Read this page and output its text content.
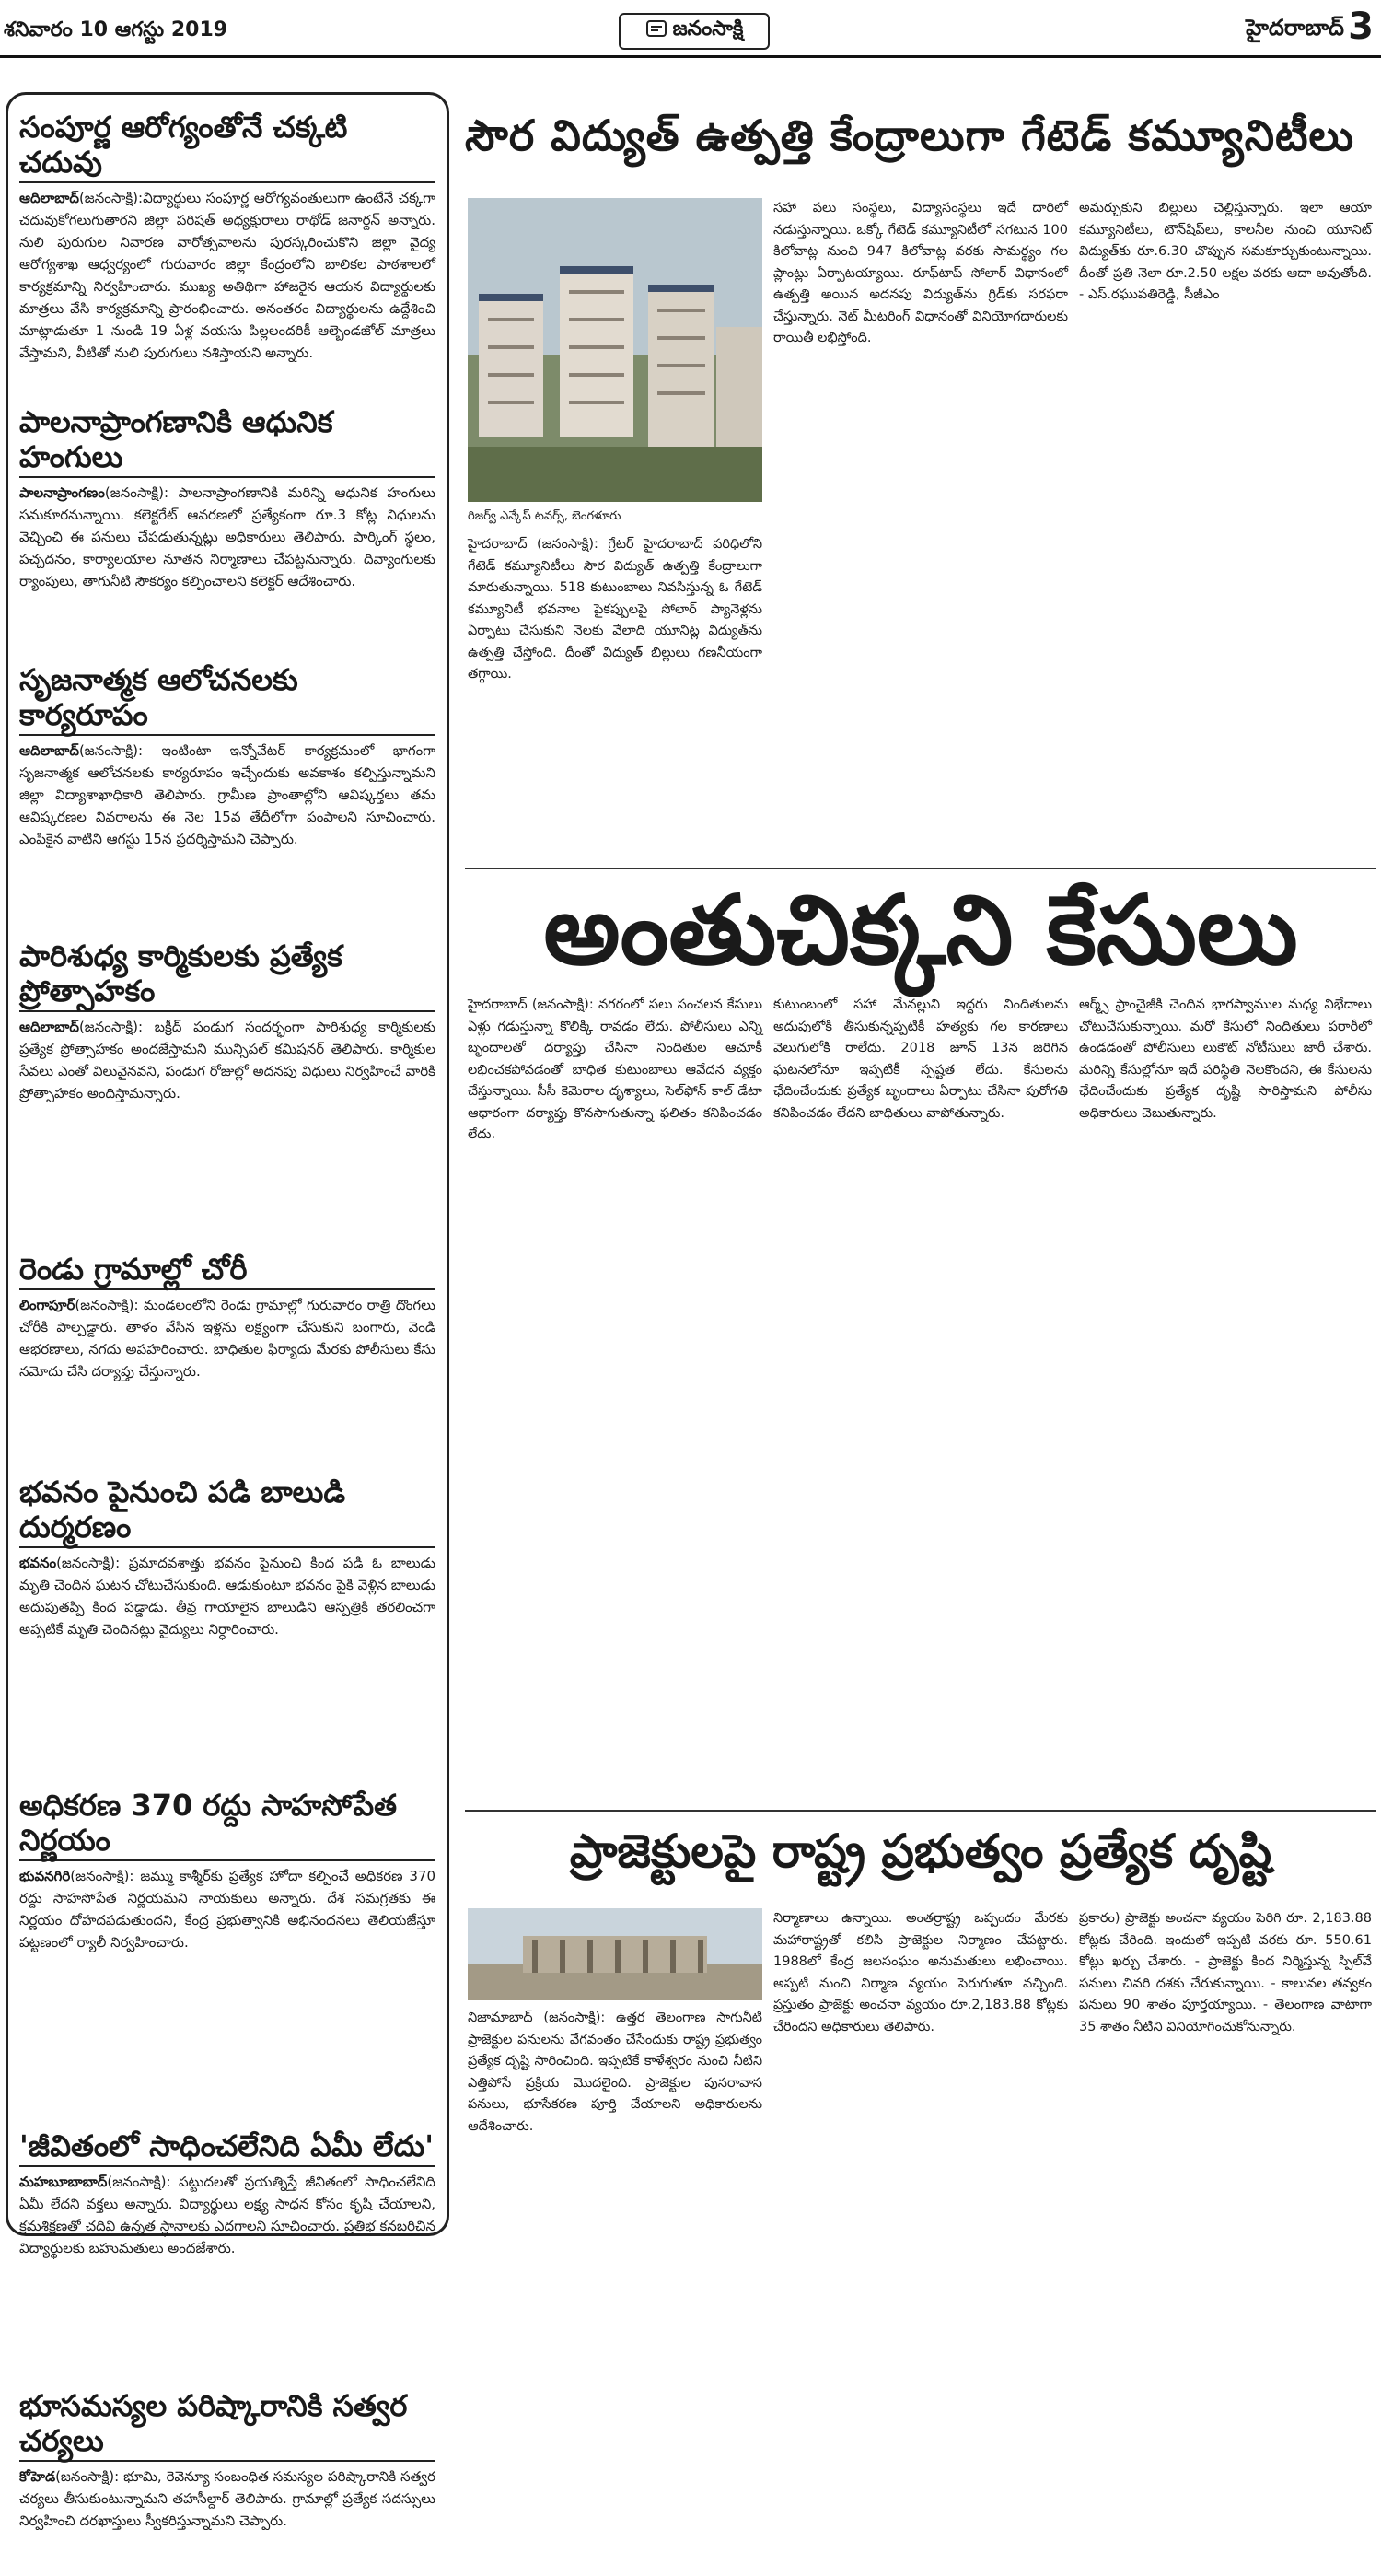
శనివారం 10 ఆగస్టు 2019	జనంసాక్షి	హైదరాబాద్ 3
సంపూర్ణ ఆరోగ్యంతోనే చక్కటి చదువు

ఆదిలాబాద్(జనంసాక్షి):విద్యార్థులు సంపూర్ణ ఆరోగ్యవంతులుగా ఉంటేనే చక్కగా చదువుకోగలుగుతారని జిల్లా పరిషత్ అధ్యక్షురాలు రాథోడ్ జనార్దన్ అన్నారు. నులి పురుగుల నివారణ వారోత్సవాలను పురస్కరించుకొని జిల్లా వైద్య ఆరోగ్యశాఖ ఆధ్వర్యంలో గురువారం జిల్లా కేంద్రంలోని బాలికల పాఠశాలలో కార్యక్రమాన్ని నిర్వహించారు. ముఖ్య అతిథిగా హాజరైన ఆయన విద్యార్థులకు మాత్రలు వేసి కార్యక్రమాన్ని ప్రారంభించారు. అనంతరం విద్యార్థులను ఉద్దేశించి మాట్లాడుతూ 1 నుండి 19 ఏళ్ల వయసు పిల్లలందరికీ ఆల్బెండజోల్ మాత్రలు వేస్తామని, వీటితో నులి పురుగులు నశిస్తాయని అన్నారు.

పాలనాప్రాంగణానికి ఆధునిక హంగులు

పాలనాప్రాంగణం(జనంసాక్షి): పాలనాప్రాంగణానికి మరిన్ని ఆధునిక హంగులు సమకూరనున్నాయి. కలెక్టరేట్ ఆవరణలో ప్రత్యేకంగా రూ.3 కోట్ల నిధులను వెచ్చించి ఈ పనులు చేపడుతున్నట్లు అధికారులు తెలిపారు. పార్కింగ్ స్థలం, పచ్చదనం, కార్యాలయాల నూతన నిర్మాణాలు చేపట్టనున్నారు. దివ్యాంగులకు ర్యాంపులు, తాగునీటి సౌకర్యం కల్పించాలని కలెక్టర్ ఆదేశించారు.

సృజనాత్మక ఆలోచనలకు కార్యరూపం

ఆదిలాబాద్(జనంసాక్షి): ఇంటింటా ఇన్నోవేటర్ కార్యక్రమంలో భాగంగా సృజనాత్మక ఆలోచనలకు కార్యరూపం ఇచ్చేందుకు అవకాశం కల్పిస్తున్నామని జిల్లా విద్యాశాఖాధికారి తెలిపారు. గ్రామీణ ప్రాంతాల్లోని ఆవిష్కర్తలు తమ ఆవిష్కరణల వివరాలను ఈ నెల 15వ తేదీలోగా పంపాలని సూచించారు. ఎంపికైన వాటిని ఆగస్టు 15న ప్రదర్శిస్తామని చెప్పారు.

పారిశుధ్య కార్మికులకు ప్రత్యేక ప్రోత్సాహకం

ఆదిలాబాద్(జనంసాక్షి): బక్రీద్ పండుగ సందర్భంగా పారిశుధ్య కార్మికులకు ప్రత్యేక ప్రోత్సాహకం అందజేస్తామని మున్సిపల్ కమిషనర్ తెలిపారు. కార్మికుల సేవలు ఎంతో విలువైనవని, పండుగ రోజుల్లో అదనపు విధులు నిర్వహించే వారికి ప్రోత్సాహకం అందిస్తామన్నారు.

రెండు గ్రామాల్లో చోరీ

లింగాపూర్(జనంసాక్షి): మండలంలోని రెండు గ్రామాల్లో గురువారం రాత్రి దొంగలు చోరీకి పాల్పడ్డారు. తాళం వేసిన ఇళ్లను లక్ష్యంగా చేసుకుని బంగారు, వెండి ఆభరణాలు, నగదు అపహరించారు. బాధితుల ఫిర్యాదు మేరకు పోలీసులు కేసు నమోదు చేసి దర్యాప్తు చేస్తున్నారు.

భవనం పైనుంచి పడి బాలుడి దుర్మరణం

భవనం(జనంసాక్షి): ప్రమాదవశాత్తు భవనం పైనుంచి కింద పడి ఓ బాలుడు మృతి చెందిన ఘటన చోటుచేసుకుంది. ఆడుకుంటూ భవనం పైకి వెళ్లిన బాలుడు అదుపుతప్పి కింద పడ్డాడు. తీవ్ర గాయాలైన బాలుడిని ఆస్పత్రికి తరలించగా అప్పటికే మృతి చెందినట్లు వైద్యులు నిర్ధారించారు.

అధికరణ 370 రద్దు సాహసోపేత నిర్ణయం

భువనగిరి(జనంసాక్షి): జమ్ము కాశ్మీర్‌కు ప్రత్యేక హోదా కల్పించే అధికరణ 370 రద్దు సాహసోపేత నిర్ణయమని నాయకులు అన్నారు. దేశ సమగ్రతకు ఈ నిర్ణయం దోహదపడుతుందని, కేంద్ర ప్రభుత్వానికి అభినందనలు తెలియజేస్తూ పట్టణంలో ర్యాలీ నిర్వహించారు.

'జీవితంలో సాధించలేనిది ఏమీ లేదు'

మహబూబాబాద్(జనంసాక్షి): పట్టుదలతో ప్రయత్నిస్తే జీవితంలో సాధించలేనిది ఏమీ లేదని వక్తలు అన్నారు. విద్యార్థులు లక్ష్య సాధన కోసం కృషి చేయాలని, క్రమశిక్షణతో చదివి ఉన్నత స్థానాలకు ఎదగాలని సూచించారు. ప్రతిభ కనబరిచిన విద్యార్థులకు బహుమతులు అందజేశారు.

భూసమస్యల పరిష్కారానికి సత్వర చర్యలు

కోహెడ(జనంసాక్షి): భూమి, రెవెన్యూ సంబంధిత సమస్యల పరిష్కారానికి సత్వర చర్యలు తీసుకుంటున్నామని తహసీల్దార్ తెలిపారు. గ్రామాల్లో ప్రత్యేక సదస్సులు నిర్వహించి దరఖాస్తులు స్వీకరిస్తున్నామని చెప్పారు.

సౌర విద్యుత్ ఉత్పత్తి కేంద్రాలుగా గేటెడ్ కమ్యూనిటీలు
రిజర్వ్ ఎన్కేప్ టవర్స్, బెంగళూరు
హైదరాబాద్ (జనంసాక్షి): గ్రేటర్ హైదరాబాద్ పరిధిలోని గేటెడ్ కమ్యూనిటీలు సౌర విద్యుత్ ఉత్పత్తి కేంద్రాలుగా మారుతున్నాయి. 518 కుటుంబాలు నివసిస్తున్న ఓ గేటెడ్ కమ్యూనిటీ భవనాల పైకప్పులపై సోలార్ ప్యానెళ్లను ఏర్పాటు చేసుకుని నెలకు వేలాది యూనిట్ల విద్యుత్‌ను ఉత్పత్తి చేస్తోంది. దీంతో విద్యుత్ బిల్లులు గణనీయంగా తగ్గాయి.
సహా పలు సంస్థలు, విద్యాసంస్థలు ఇదే దారిలో నడుస్తున్నాయి. ఒక్కో గేటెడ్ కమ్యూనిటీలో సగటున 100 కిలోవాట్ల నుంచి 947 కిలోవాట్ల వరకు సామర్థ్యం గల ప్లాంట్లు ఏర్పాటయ్యాయి. రూఫ్‌టాప్ సోలార్ విధానంలో ఉత్పత్తి అయిన అదనపు విద్యుత్‌ను గ్రిడ్‌కు సరఫరా చేస్తున్నారు. నెట్ మీటరింగ్ విధానంతో వినియోగదారులకు రాయితీ లభిస్తోంది.
అమర్చుకుని బిల్లులు చెల్లిస్తున్నారు. ఇలా ఆయా కమ్యూనిటీలు, టౌన్‌షిప్‌లు, కాలనీల నుంచి యూనిట్ విద్యుత్‌కు రూ.6.30 చొప్పున సమకూర్చుకుంటున్నాయి. దీంతో ప్రతి నెలా రూ.2.50 లక్షల వరకు ఆదా అవుతోంది. - ఎస్.రఘుపతిరెడ్డి, సీజీఎం
అంతుచిక్కని కేసులు
హైదరాబాద్ (జనంసాక్షి): నగరంలో పలు సంచలన కేసులు ఏళ్లు గడుస్తున్నా కొలిక్కి రావడం లేదు. పోలీసులు ఎన్ని బృందాలతో దర్యాప్తు చేసినా నిందితుల ఆచూకీ లభించకపోవడంతో బాధిత కుటుంబాలు ఆవేదన వ్యక్తం చేస్తున్నాయి. సీసీ కెమెరాల దృశ్యాలు, సెల్‌ఫోన్ కాల్ డేటా ఆధారంగా దర్యాప్తు కొనసాగుతున్నా ఫలితం కనిపించడం లేదు.
కుటుంబంలో సహా మేనల్లుని ఇద్దరు నిందితులను అదుపులోకి తీసుకున్నప్పటికీ హత్యకు గల కారణాలు వెలుగులోకి రాలేదు. 2018 జూన్ 13న జరిగిన ఘటనలోనూ ఇప్పటికీ స్పష్టత లేదు. కేసులను ఛేదించేందుకు ప్రత్యేక బృందాలు ఏర్పాటు చేసినా పురోగతి కనిపించడం లేదని బాధితులు వాపోతున్నారు.
ఆర్మ్స్ ఫ్రాంచైజీకి చెందిన భాగస్వాముల మధ్య విభేదాలు చోటుచేసుకున్నాయి. మరో కేసులో నిందితులు పరారీలో ఉండడంతో పోలీసులు లుకౌట్ నోటీసులు జారీ చేశారు. మరిన్ని కేసుల్లోనూ ఇదే పరిస్థితి నెలకొందని, ఈ కేసులను ఛేదించేందుకు ప్రత్యేక దృష్టి సారిస్తామని పోలీసు అధికారులు చెబుతున్నారు.
ప్రాజెక్టులపై రాష్ట్ర ప్రభుత్వం ప్రత్యేక దృష్టి
నిజామాబాద్ (జనంసాక్షి): ఉత్తర తెలంగాణ సాగునీటి ప్రాజెక్టుల పనులను వేగవంతం చేసేందుకు రాష్ట్ర ప్రభుత్వం ప్రత్యేక దృష్టి సారించింది. ఇప్పటికే కాళేశ్వరం నుంచి నీటిని ఎత్తిపోసే ప్రక్రియ మొదలైంది. ప్రాజెక్టుల పునరావాస పనులు, భూసేకరణ పూర్తి చేయాలని అధికారులను ఆదేశించారు.
నిర్మాణాలు ఉన్నాయి. అంతర్రాష్ట్ర ఒప్పందం మేరకు మహారాష్ట్రతో కలిసి ప్రాజెక్టుల నిర్మాణం చేపట్టారు. 1988లో కేంద్ర జలసంఘం అనుమతులు లభించాయి. అప్పటి నుంచి నిర్మాణ వ్యయం పెరుగుతూ వచ్చింది. ప్రస్తుతం ప్రాజెక్టు అంచనా వ్యయం రూ.2,183.88 కోట్లకు చేరిందని అధికారులు తెలిపారు.
ప్రకారం) ప్రాజెక్టు అంచనా వ్యయం పెరిగి రూ. 2,183.88 కోట్లకు చేరింది. ఇందులో ఇప్పటి వరకు రూ. 550.61 కోట్లు ఖర్చు చేశారు. - ప్రాజెక్టు కింద నిర్మిస్తున్న స్పిల్‌వే పనులు చివరి దశకు చేరుకున్నాయి. - కాలువల తవ్వకం పనులు 90 శాతం పూర్తయ్యాయి. - తెలంగాణ వాటాగా 35 శాతం నీటిని వినియోగించుకోనున్నారు.
